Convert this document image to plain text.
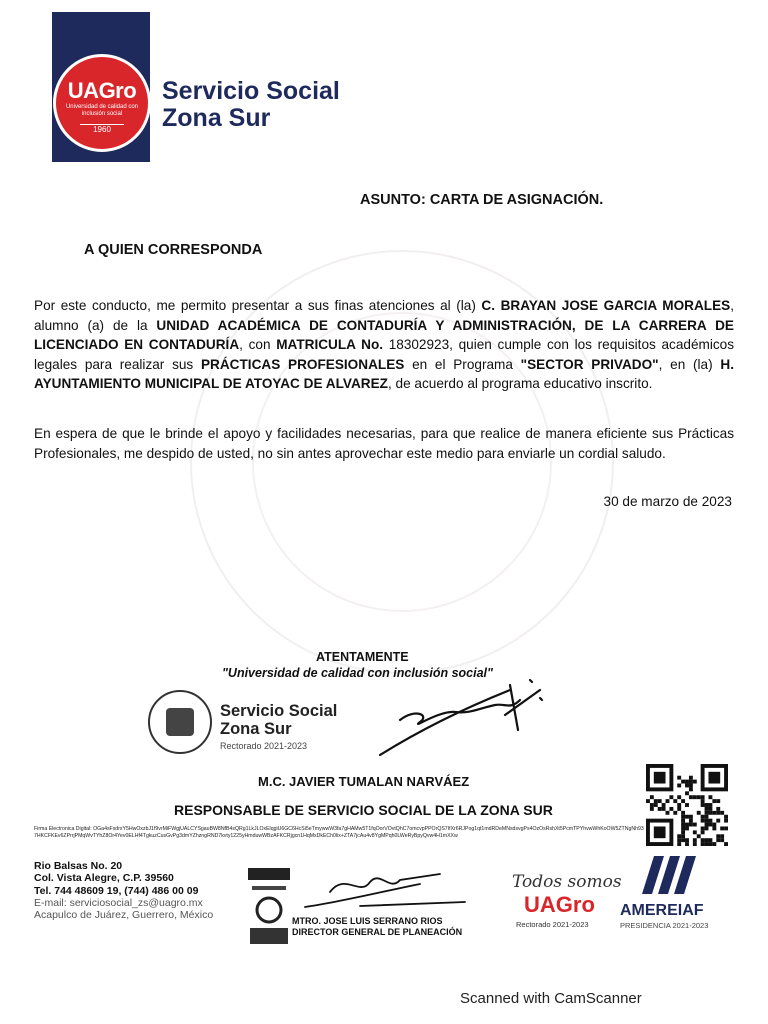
UAGro
Universidad de calidad con inclusión social
1960
Servicio Social
Zona Sur
ASUNTO: CARTA DE ASIGNACIÓN.
A QUIEN CORRESPONDA
Por este conducto, me permito presentar a sus finas atenciones al (la) C. BRAYAN JOSE GARCIA MORALES, alumno (a) de la UNIDAD ACADÉMICA DE CONTADURÍA Y ADMINISTRACIÓN, DE LA CARRERA DE LICENCIADO EN CONTADURÍA, con MATRICULA No. 18302923, quien cumple con los requisitos académicos legales para realizar sus PRÁCTICAS PROFESIONALES en el Programa "SECTOR PRIVADO", en (la) H. AYUNTAMIENTO MUNICIPAL DE ATOYAC DE ALVAREZ, de acuerdo al programa educativo inscrito.
En espera de que le brinde el apoyo y facilidades necesarias, para que realice de manera eficiente sus Prácticas Profesionales, me despido de usted, no sin antes aprovechar este medio para enviarle un cordial saludo.
30 de marzo de 2023
ATENTAMENTE
"Universidad de calidad con inclusión social"
Servicio Social
Zona Sur
Rectorado 2021-2023
M.C. JAVIER TUMALAN NARVÁEZ
RESPONSABLE DE SERVICIO SOCIAL DE LA ZONA SUR
Firma Electronica Digital: OGa4sFxdrxY5HwOxzbJ1f9vrMiFWgjUALCYSgauBW8NfB4sQRg1LkJLOxElqgiU6GC6HcSi5eTmywwW3fa7gHAMw5T1fqOorVOvtQhC7omcvpPPOrQS7IfXr6RJPog1qt1mdRDeMNsdsvgPs4OzOsRshXt5PcmTPYhvwWhKoOW5ZTNgNh937HKCFKEv6ZPrrjPMqWvTYhZ8Or4Yev0ELHf4TgkuzCusGvPg3dmYZhzngRND7kvty1225yHmduwWBzAFKCRjgcn1HqMxDkECh0lix+ZTA7jcAu4v8YgMPqh0LWeRyBpyQvw4H1mXXw
Rio Balsas No. 20
Col. Vista Alegre, C.P. 39560
Tel. 744 48609 19, (744) 486 00 09
E-mail: serviciosocial_zs@uagro.mx
Acapulco de Juárez, Guerrero, México	MTRO. JOSE LUIS SERRANO RIOS
DIRECTOR GENERAL DE PLANEACIÓN
Todos somos
UAGro
Rectorado 2021-2023
AMEREIAF
PRESIDENCIA 2021-2023
Scanned with CamScanner
